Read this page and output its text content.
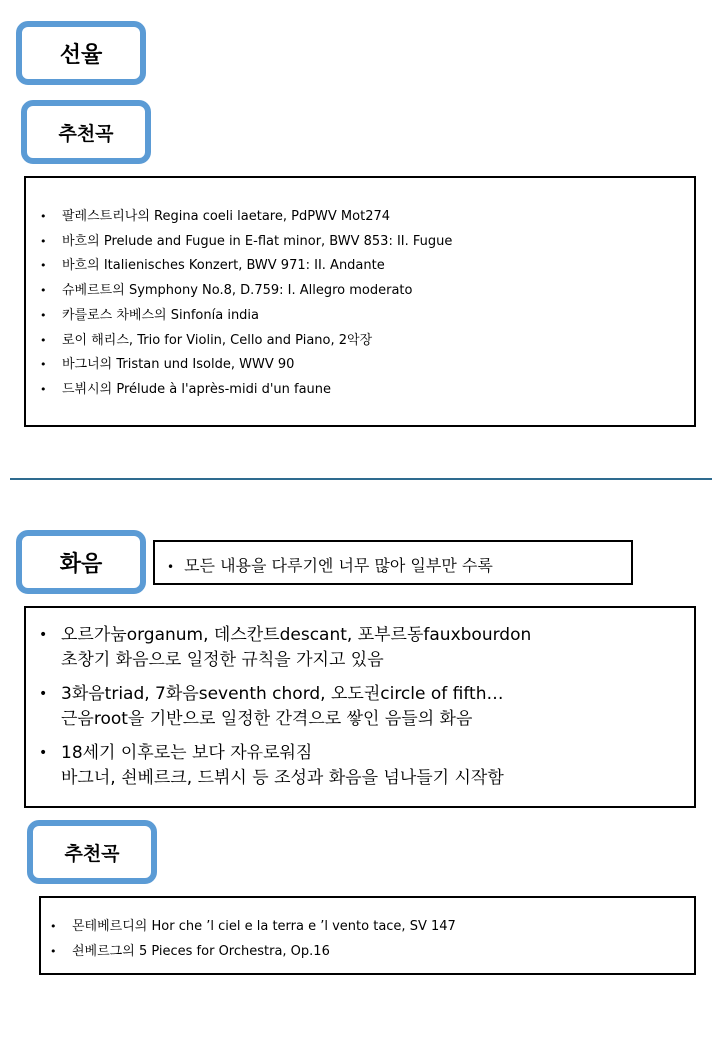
선율
추천곡
• 팔레스트리나의 Regina coeli laetare, PdPWV Mot274
• 바흐의 Prelude and Fugue in E-flat minor, BWV 853: II. Fugue
• 바흐의 Italienisches Konzert, BWV 971: II. Andante
• 슈베르트의 Symphony No.8, D.759: I. Allegro moderato
• 카를로스 차베스의 Sinfonía india
• 로이 해리스, Trio for Violin, Cello and Piano, 2악장
• 바그너의 Tristan und Isolde, WWV 90
• 드뷔시의 Prélude à l'après-midi d'un faune
화음	• 모든 내용을 다루기엔 너무 많아 일부만 수록
• 오르가눔organum, 데스칸트descant, 포부르동fauxbourdon
초창기 화음으로 일정한 규칙을 가지고 있음
• 3화음triad, 7화음seventh chord, 오도권circle of fifth…
근음root을 기반으로 일정한 간격으로 쌓인 음들의 화음
• 18세기 이후로는 보다 자유로워짐
바그너, 쇤베르크, 드뷔시 등 조성과 화음을 넘나들기 시작함
추천곡
• 몬테베르디의 Hor che ’l ciel e la terra e ’l vento tace, SV 147
• 쇤베르그의 5 Pieces for Orchestra, Op.16
